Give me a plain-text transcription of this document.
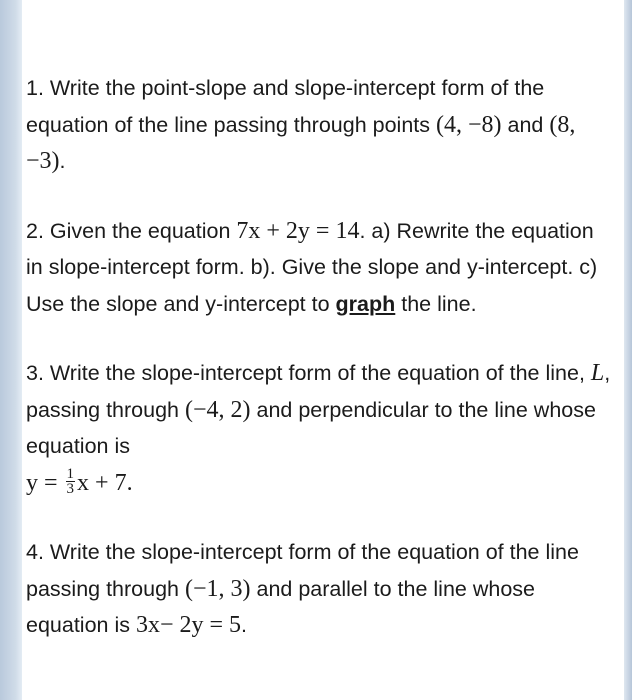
1. Write the point-slope and slope-intercept form of the equation of the line passing through points (4, −8) and (8, −3).
2. Given the equation 7x + 2y = 14. a) Rewrite the equation in slope-intercept form. b). Give the slope and y-intercept. c) Use the slope and y-intercept to graph the line.
3. Write the slope-intercept form of the equation of the line, L, passing through (−4, 2) and perpendicular to the line whose equation is
$y = \frac{1}{3}$ x + 7.
4. Write the slope-intercept form of the equation of the line passing through (−1, 3) and parallel to the line whose equation is 3x− 2y = 5.
